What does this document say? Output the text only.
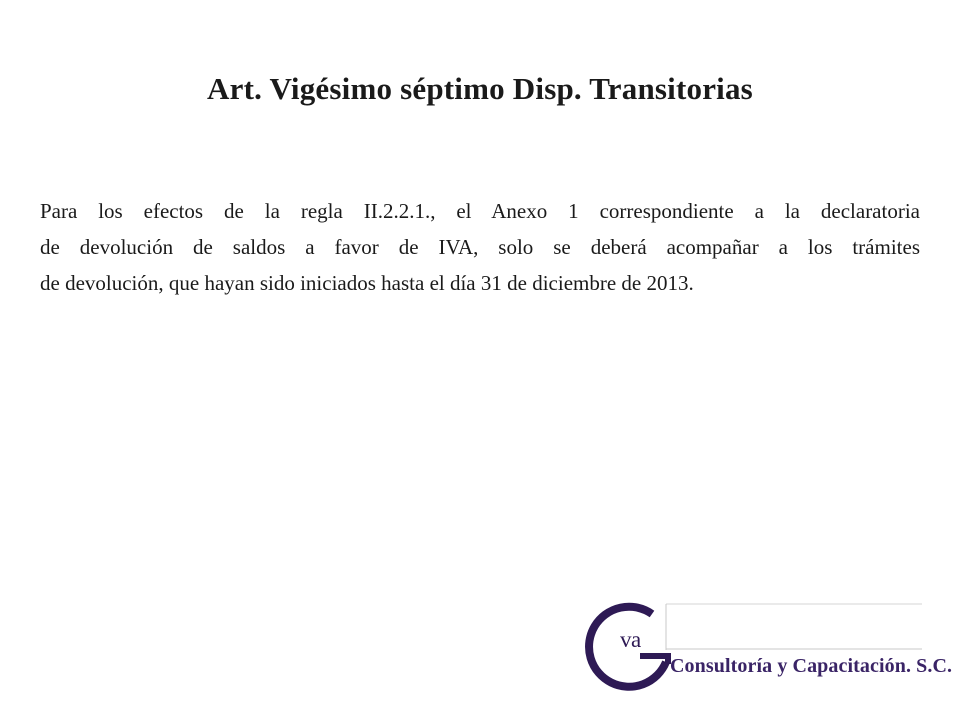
Art. Vigésimo séptimo Disp. Transitorias
Para los efectos de la regla II.2.2.1., el Anexo 1 correspondiente a la declaratoria
de devolución de saldos a favor de IVA, solo se deberá acompañar a los trámites
de devolución, que hayan sido iniciados hasta el día 31 de diciembre de 2013.
va
Consultoría y Capacitación. S.C.
